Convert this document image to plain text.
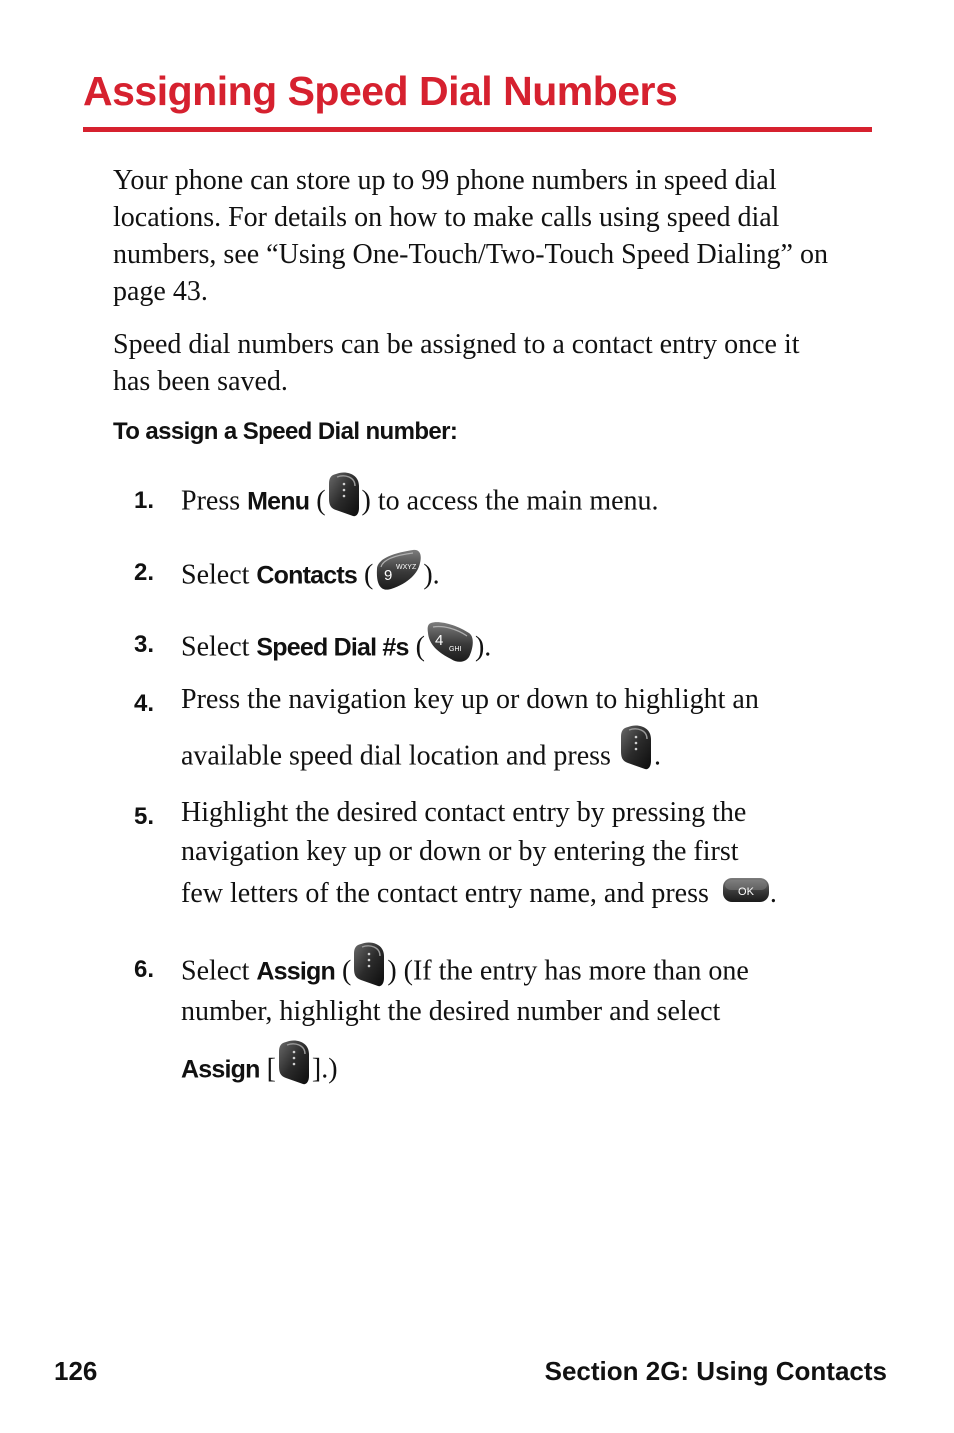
Assigning Speed Dial Numbers

Your phone can store up to 99 phone numbers in speed dial locations. For details on how to make calls using speed dial numbers, see “Using One-Touch/Two-Touch Speed Dialing” on page 43.

Speed dial numbers can be assigned to a contact entry once it has been saved.

To assign a Speed Dial number:
1. Press Menu ( ) to access the main menu.
2. Select Contacts ( 9 WXYZ ).
3. Select Speed Dial #s ( 4
GHI ).
4. Press the navigation key up or down to highlight an
available speed dial location and press .
5. Highlight the desired contact entry by pressing the
navigation key up or down or by entering the first
few letters of the contact entry name, and press OK .
6. Select Assign ( ) (If the entry has more than one
number, highlight the desired number and select
Assign [ ].)
126	Section 2G: Using Contacts
